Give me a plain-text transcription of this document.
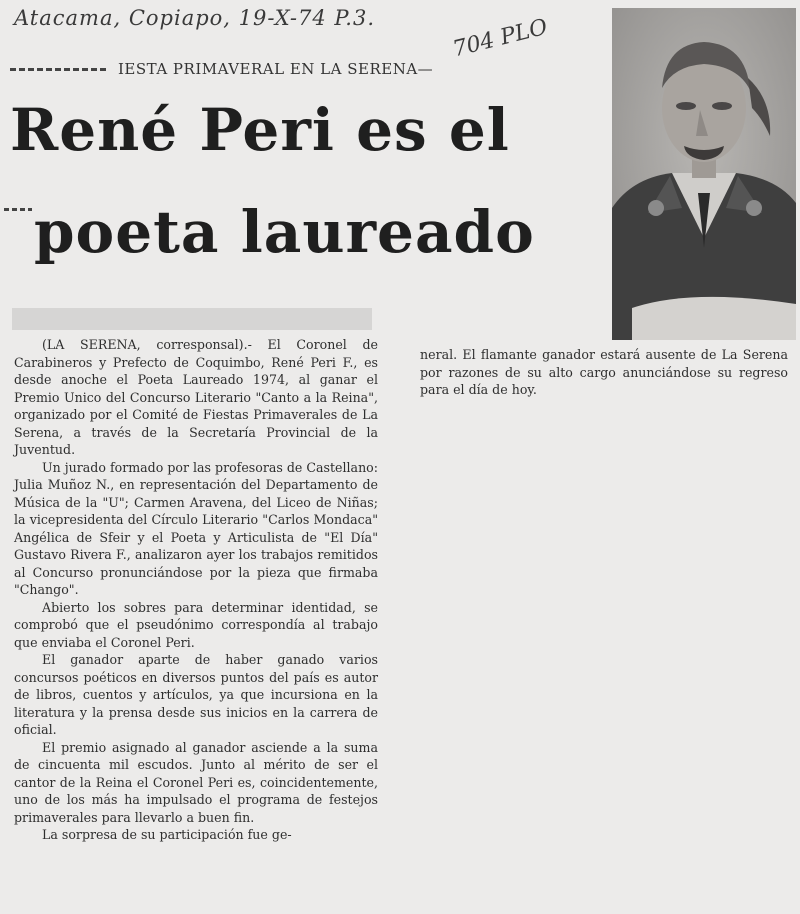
Atacama, Copiapo, 19-X-74 P.3.	704 PLO
IESTA PRIMAVERAL EN LA SERENA—
René Peri es el
poeta laureado

(LA SERENA, corresponsal).- El Coronel de Carabineros y Prefecto de Coquimbo, René Peri F., es desde anoche el Poeta Laureado 1974, al ganar el Premio Unico del Concurso Literario "Canto a la Reina", organizado por el Comité de Fiestas Primaverales de La Serena, a través de la Secretaría Provincial de la Juventud.

Un jurado formado por las profesoras de Castellano: Julia Muñoz N., en representación del Departamento de Música de la "U"; Carmen Aravena, del Liceo de Niñas; la vicepresidenta del Círculo Literario "Carlos Mondaca" Angélica de Sfeir y el Poeta y Articulista de "El Día" Gustavo Rivera F., analizaron ayer los trabajos remitidos al Concurso pronunciándose por la pieza que firmaba "Chango".

Abierto los sobres para determinar identidad, se comprobó que el pseudónimo correspondía al trabajo que enviaba el Coronel Peri.

El ganador aparte de haber ganado varios concursos poéticos en diversos puntos del país es autor de libros, cuentos y artículos, ya que incursiona en la literatura y la prensa desde sus inicios en la carrera de oficial.

El premio asignado al ganador asciende a la suma de cincuenta mil escudos. Junto al mérito de ser el cantor de la Reina el Coronel Peri es, coincidentemente, uno de los más ha impulsado el programa de festejos primaverales para llevarlo a buen fin.

La sorpresa de su participación fue ge-

neral. El flamante ganador estará ausente de La Serena por razones de su alto cargo anunciándose su regreso para el día de hoy.
